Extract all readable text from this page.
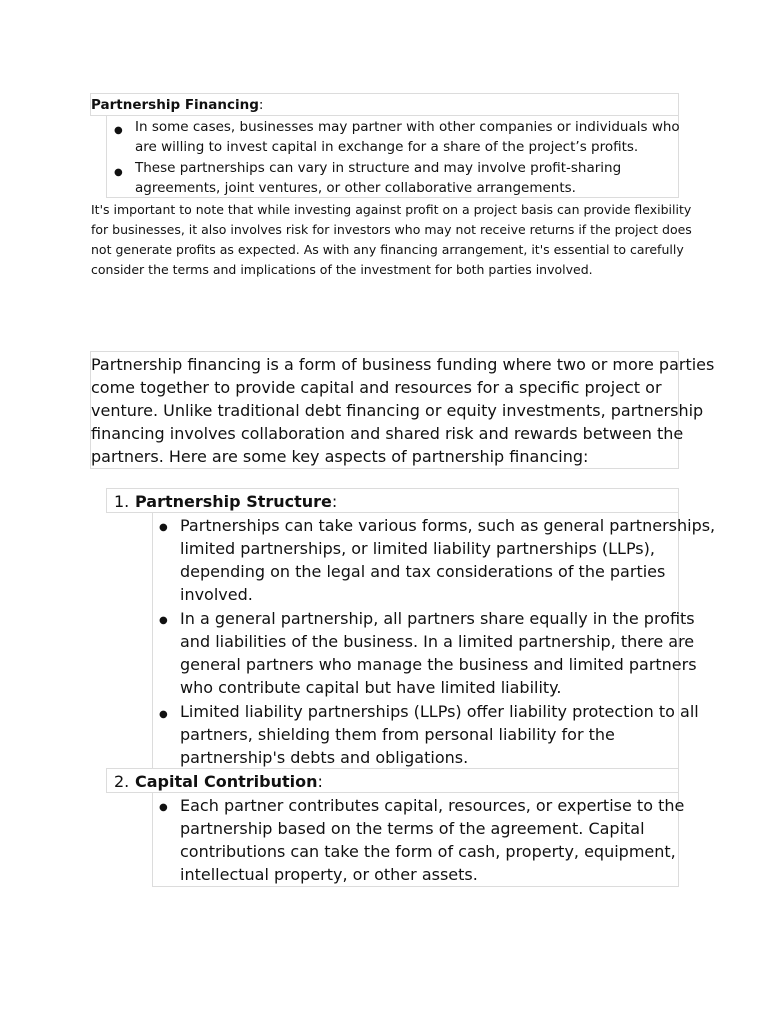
Partnership Financing:

● In some cases, businesses may partner with other companies or individuals who

are willing to invest capital in exchange for a share of the project’s profits.

● These partnerships can vary in structure and may involve profit-sharing

agreements, joint ventures, or other collaborative arrangements.

It's important to note that while investing against profit on a project basis can provide flexibility

for businesses, it also involves risk for investors who may not receive returns if the project does

not generate profits as expected. As with any financing arrangement, it's essential to carefully

consider the terms and implications of the investment for both parties involved.

Partnership financing is a form of business funding where two or more parties

come together to provide capital and resources for a specific project or

venture. Unlike traditional debt financing or equity investments, partnership

financing involves collaboration and shared risk and rewards between the

partners. Here are some key aspects of partnership financing:

1. Partnership Structure:

● Partnerships can take various forms, such as general partnerships,

limited partnerships, or limited liability partnerships (LLPs),

depending on the legal and tax considerations of the parties

involved.

● In a general partnership, all partners share equally in the profits

and liabilities of the business. In a limited partnership, there are

general partners who manage the business and limited partners

who contribute capital but have limited liability.

● Limited liability partnerships (LLPs) offer liability protection to all

partners, shielding them from personal liability for the

partnership's debts and obligations.

2. Capital Contribution:

● Each partner contributes capital, resources, or expertise to the

partnership based on the terms of the agreement. Capital

contributions can take the form of cash, property, equipment,

intellectual property, or other assets.
